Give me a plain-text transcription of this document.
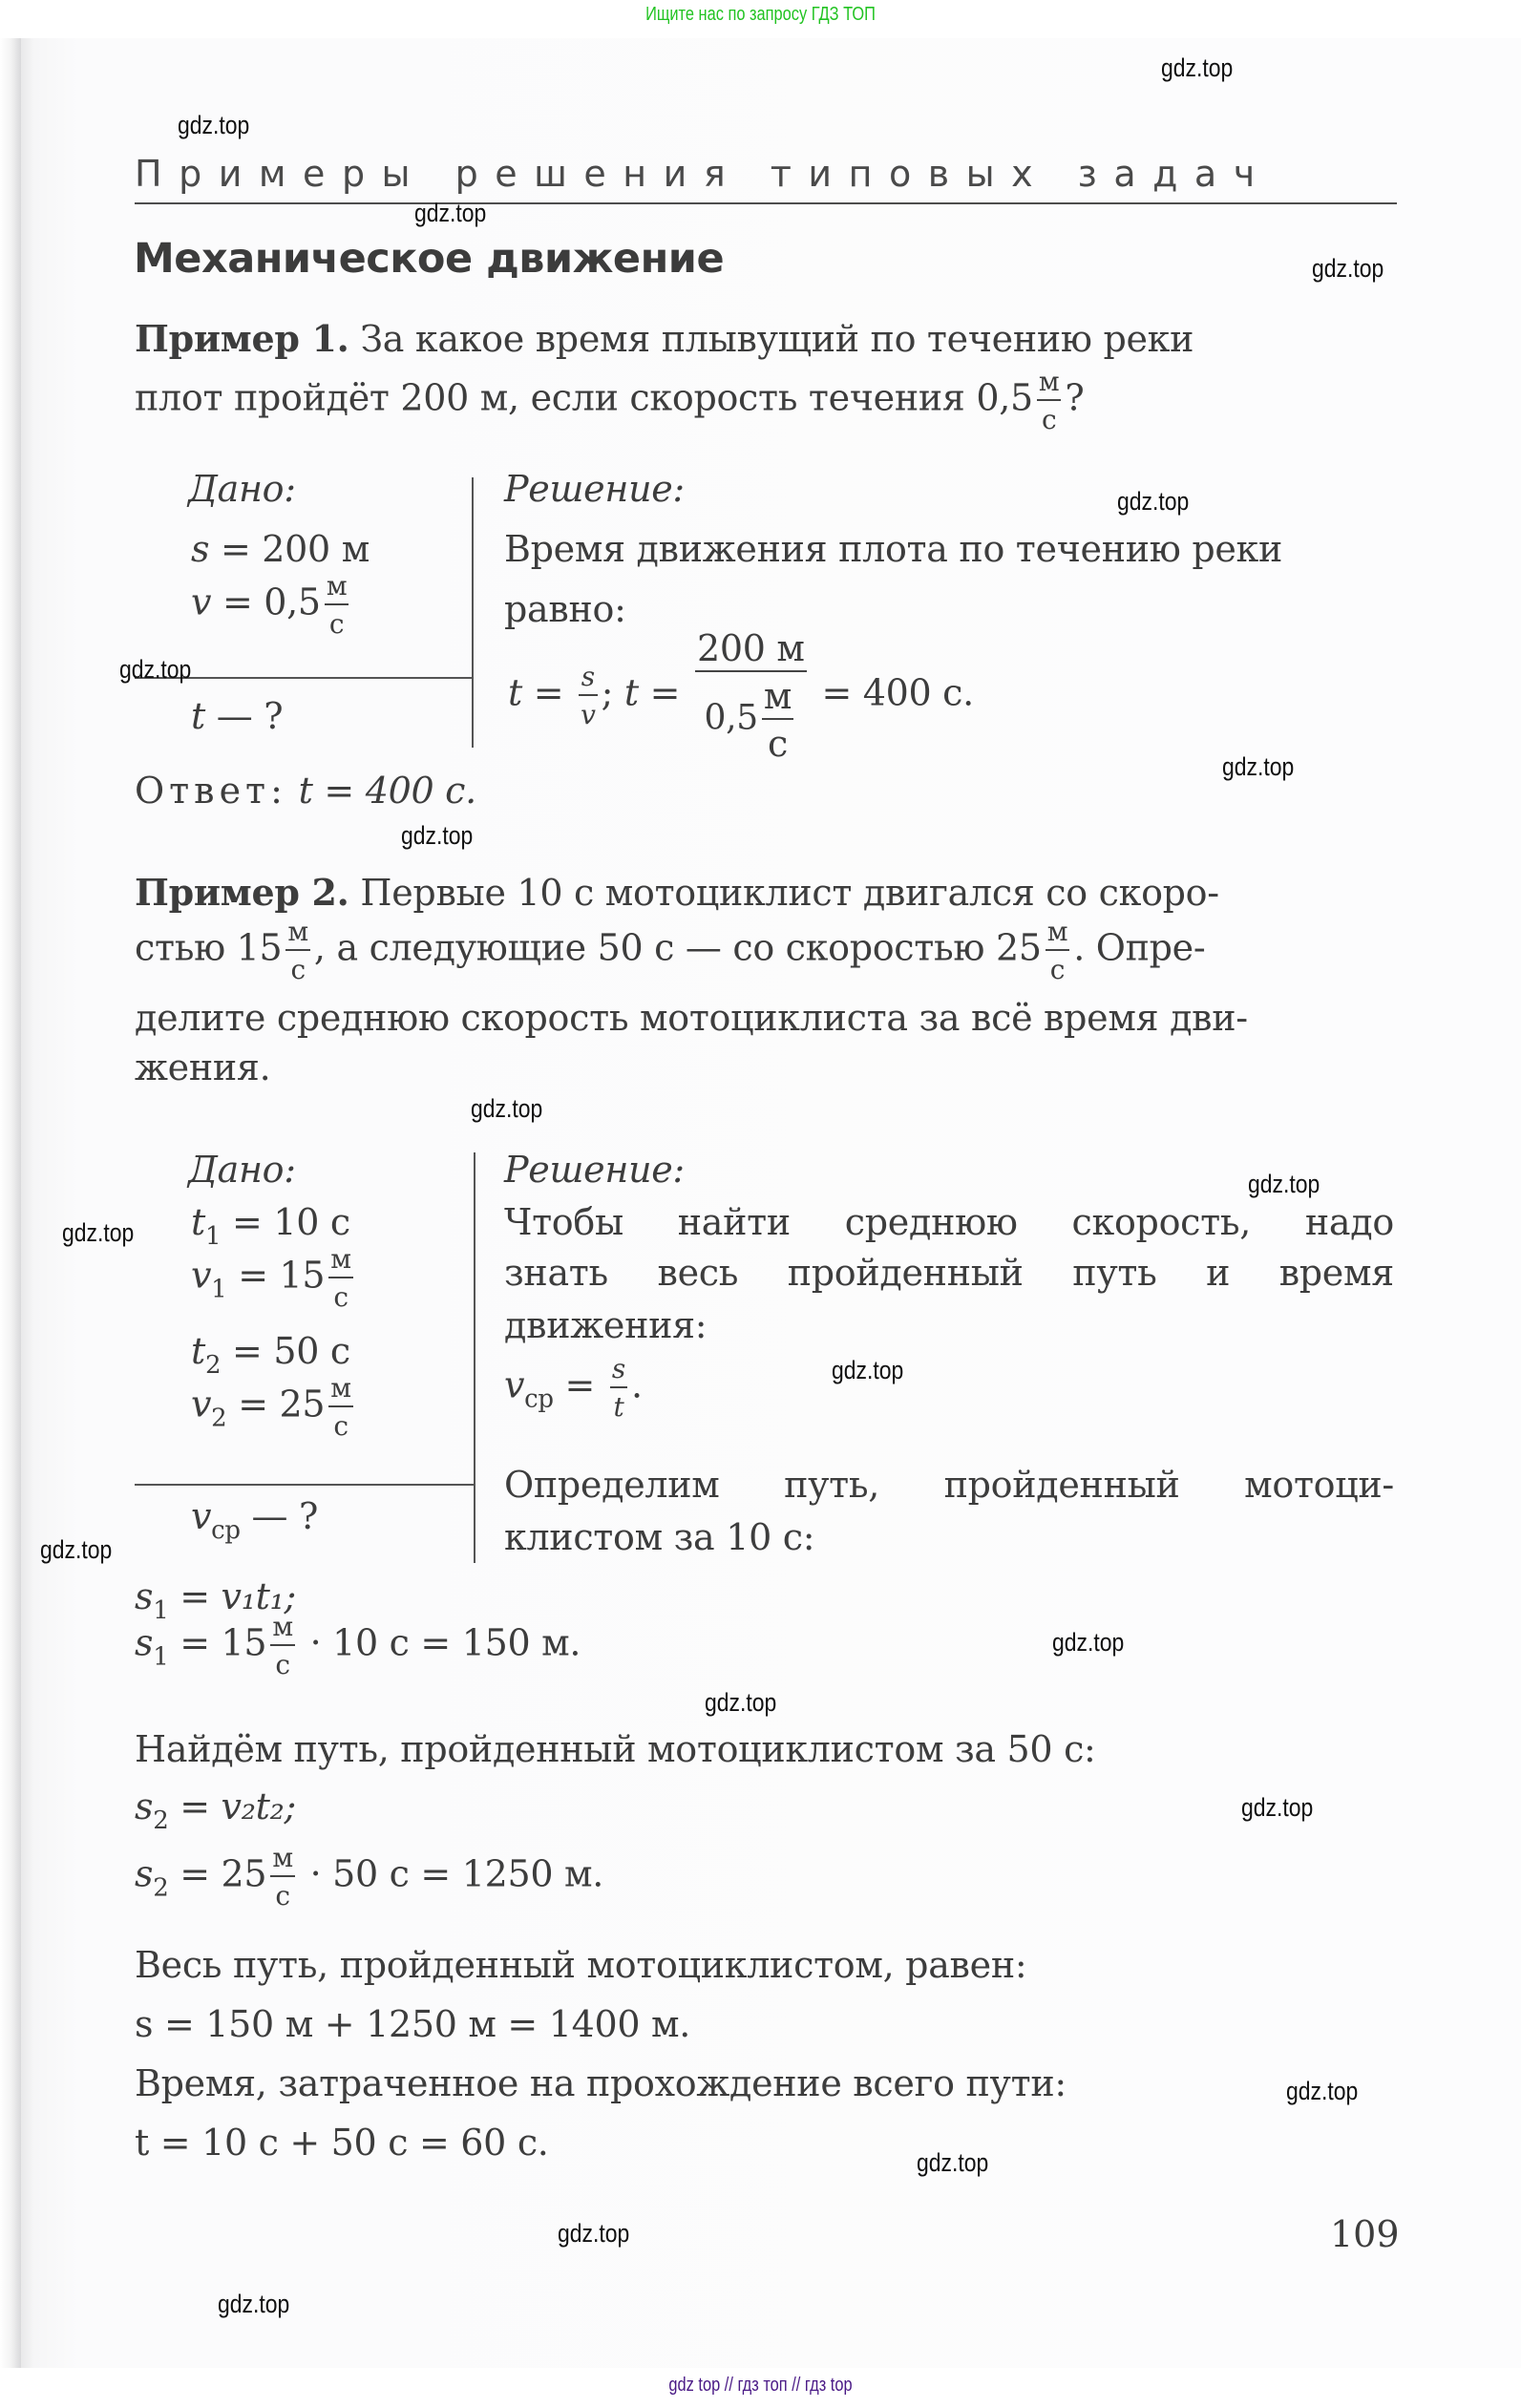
Ищите нас по запросу ГДЗ ТОП
gdz.top
gdz.top
gdz.top
gdz.top
gdz.top
gdz.top
gdz.top
gdz.top
gdz.top
gdz.top
gdz.top
gdz.top
gdz.top
gdz.top
gdz.top
gdz.top
gdz.top
gdz.top
gdz.top
gdz.top
Примеры решения типовых задач
Механическое движение
Пример 1. За какое время плывущий по течению реки
плот пройдёт 200 м, если скорость течения $0,5 \frac{м}{с}$ ?
Дано:
s = 200 м
$v = 0,5 \frac{м}{с}$
t — ?
Решение:
Время движения плота по течению реки
равно:
$t = \frac{s}{v}$ ; $t = \frac{200 м}{0,5 \frac{м}{с}} = 400$ с.
Ответ: t = 400 с.
Пример 2. Первые 10 с мотоциклист двигался со скоро-
стью $15 \frac{м}{с}$ , а следующие 50 с — со скоростью $25 \frac{м}{с}$ . Опре-
делите среднюю скорость мотоциклиста за всё время дви-
жения.
Дано:
$t_1 = 10$ с
$v_1 = 15 \frac{м}{с}$
$t_2 = 50$ с
$v_2 = 25 \frac{м}{с}$
$v_{ср}$ — ?
Решение:
Чтобы найти среднюю скорость, надо
знать весь пройденный путь и время
движения:
$v_{ср} = \frac{s}{t}$ .
Определим путь, пройденный мотоци-
клистом за 10 с:
$s_1 = v_1t_1$;
$s_1 = 15 \frac{м}{с} \cdot 10$ с = 150 м.
Найдём путь, пройденный мотоциклистом за 50 с:
$s_2 = v_2t_2$;
$s_2 = 25 \frac{м}{с} \cdot 50$ с = 1250 м.
Весь путь, пройденный мотоциклистом, равен:
s = 150 м + 1250 м = 1400 м.
Время, затраченное на прохождение всего пути:
t = 10 с + 50 с = 60 с.
109
gdz top // гдз топ // гдз top
